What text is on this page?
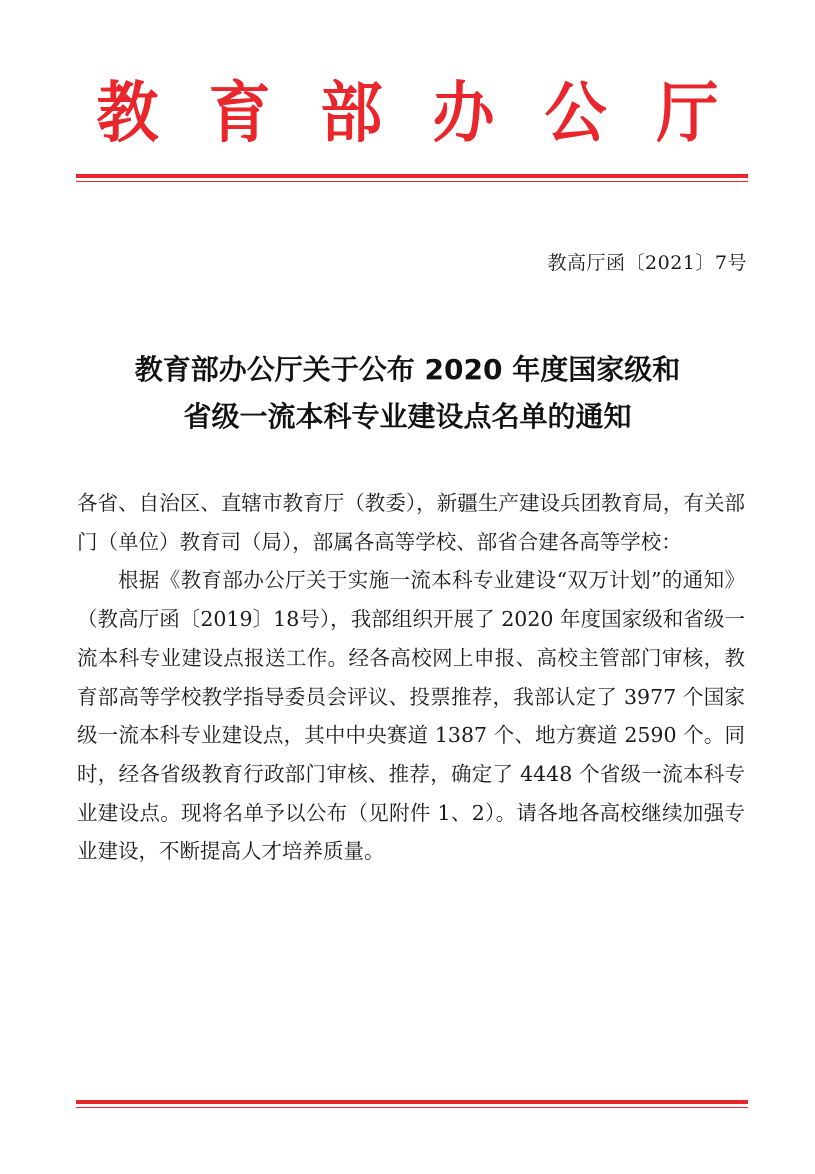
教 育 部 办 公 厅
教高厅函〔2021〕7号
教育部办公厅关于公布 2020 年度国家级和
省级一流本科专业建设点名单的通知

各省、自治区、直辖市教育厅（教委），新疆生产建设兵团教育局，有关部门（单位）教育司（局），部属各高等学校、部省合建各高等学校：

根据《教育部办公厅关于实施一流本科专业建设“双万计划”的通知》（教高厅函〔2019〕18号），我部组织开展了 2020 年度国家级和省级一流本科专业建设点报送工作。经各高校网上申报、高校主管部门审核，教育部高等学校教学指导委员会评议、投票推荐，我部认定了 3977 个国家级一流本科专业建设点，其中中央赛道 1387 个、地方赛道 2590 个。同时，经各省级教育行政部门审核、推荐，确定了 4448 个省级一流本科专业建设点。现将名单予以公布（见附件 1、2）。请各地各高校继续加强专业建设，不断提高人才培养质量。
